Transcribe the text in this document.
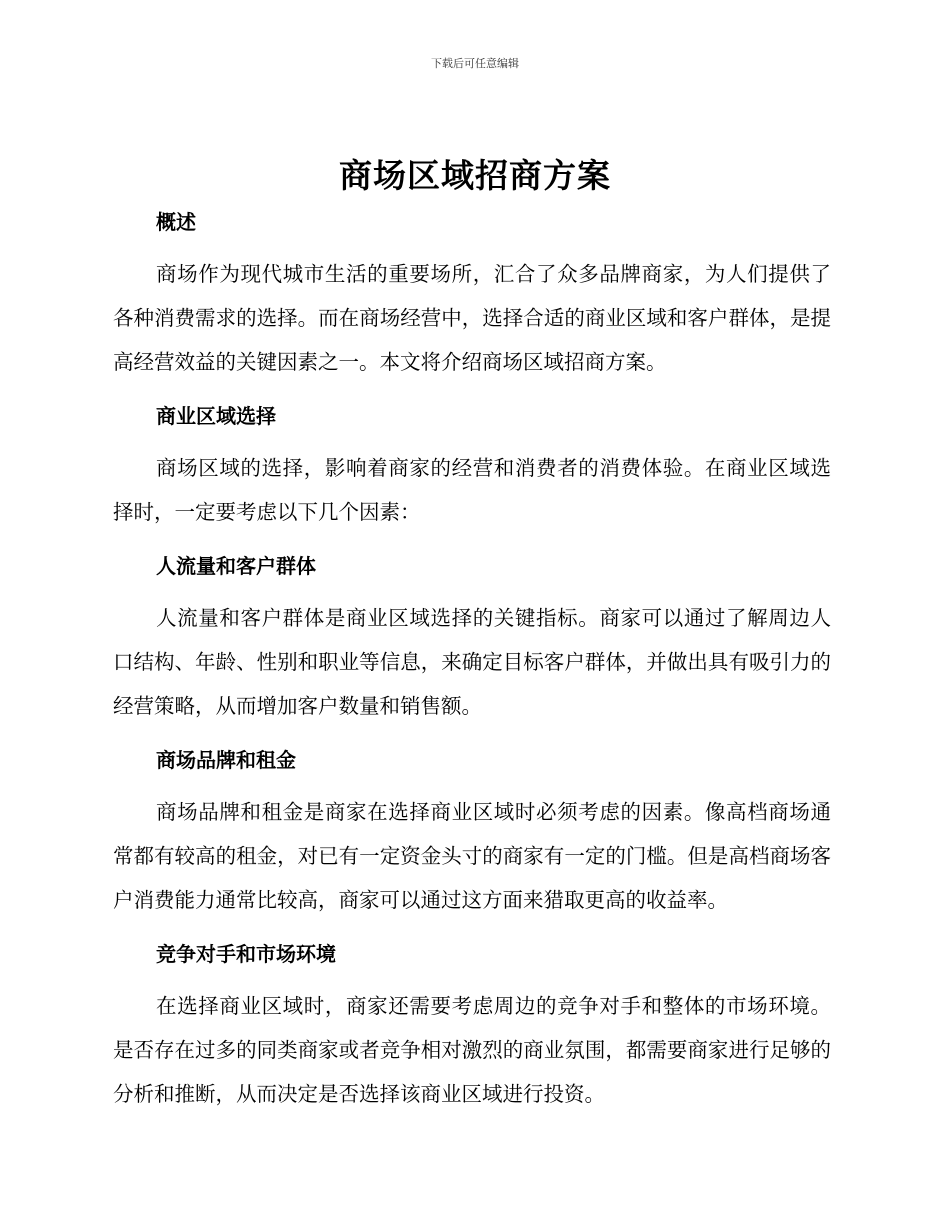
下载后可任意编辑
商场区域招商方案

概述

商场作为现代城市生活的重要场所，汇合了众多品牌商家，为人们提供了各种消费需求的选择。而在商场经营中，选择合适的商业区域和客户群体，是提高经营效益的关键因素之一。本文将介绍商场区域招商方案。

商业区域选择

商场区域的选择，影响着商家的经营和消费者的消费体验。在商业区域选择时，一定要考虑以下几个因素：

人流量和客户群体

人流量和客户群体是商业区域选择的关键指标。商家可以通过了解周边人口结构、年龄、性别和职业等信息，来确定目标客户群体，并做出具有吸引力的经营策略，从而增加客户数量和销售额。

商场品牌和租金

商场品牌和租金是商家在选择商业区域时必须考虑的因素。像高档商场通常都有较高的租金，对已有一定资金头寸的商家有一定的门槛。但是高档商场客户消费能力通常比较高，商家可以通过这方面来猎取更高的收益率。

竞争对手和市场环境

在选择商业区域时，商家还需要考虑周边的竞争对手和整体的市场环境。是否存在过多的同类商家或者竞争相对激烈的商业氛围，都需要商家进行足够的分析和推断，从而决定是否选择该商业区域进行投资。
